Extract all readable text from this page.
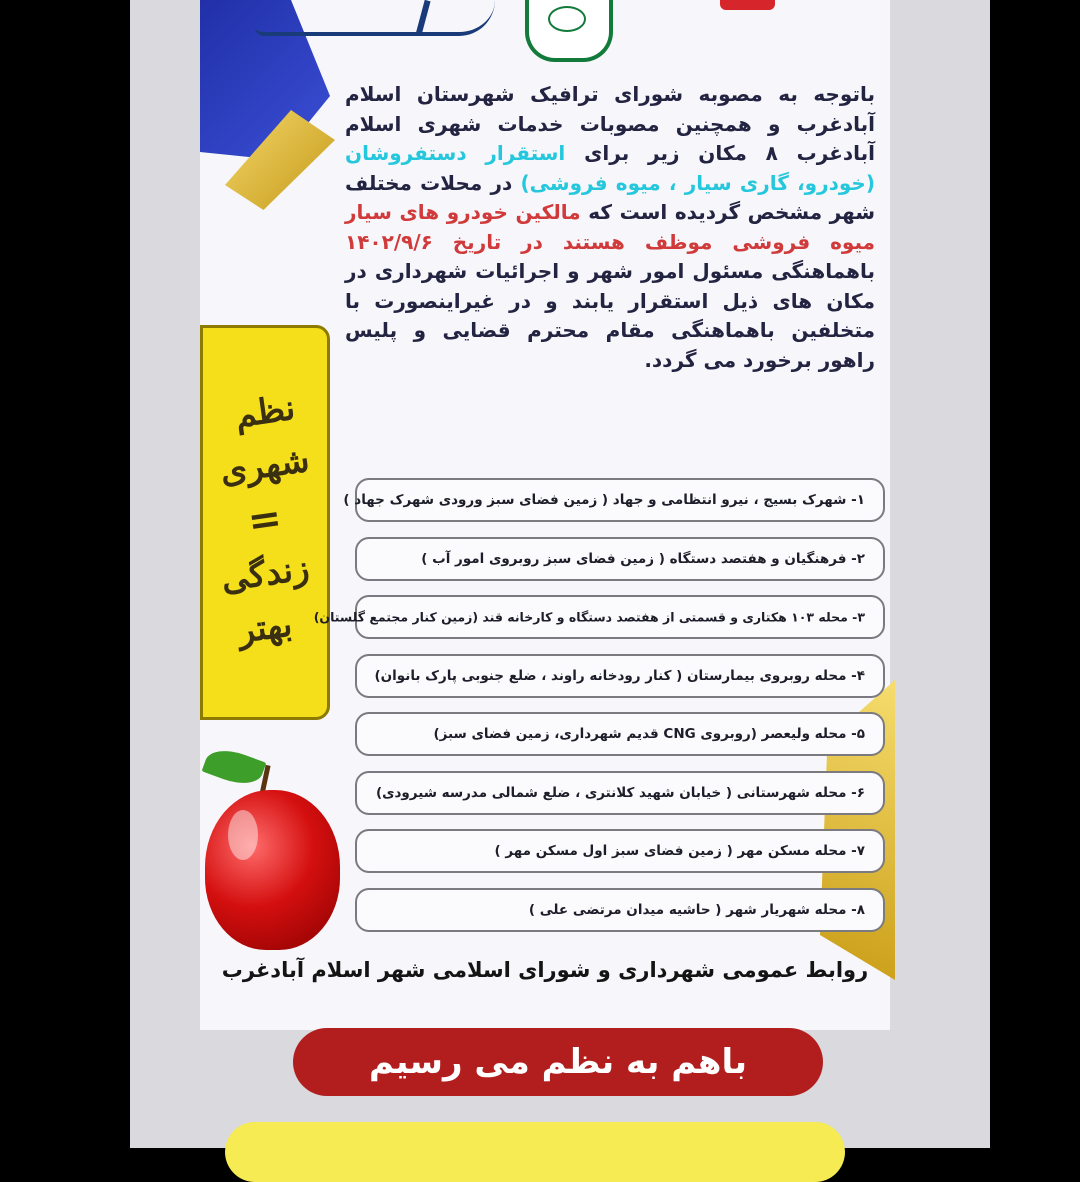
باتوجه به مصوبه شورای ترافیک شهرستان اسلام آبادغرب و همچنین مصوبات خدمات شهری اسلام آبادغرب ۸ مکان زیر برای استقرار دستفروشان (خودرو، گاری سیار ، میوه فروشی) در محلات مختلف شهر مشخص گردیده است که مالکین خودرو های سیار میوه فروشی موظف هستند در تاریخ ۱۴۰۲/۹/۶ باهماهنگی مسئول امور شهر و اجرائیات شهرداری در مکان های ذیل استقرار یابند و در غیراینصورت با متخلفین باهماهنگی مقام محترم قضایی و پلیس راهور برخورد می گردد.

نظم
شهری
=
زندگی
بهتر
۱- شهرک بسیج ، نیرو انتظامی و جهاد ( زمین فضای سبز ورودی شهرک جهاد )
۲- فرهنگیان و هفتصد دستگاه ( زمین فضای سبز روبروی امور آب )
۳- محله ۱۰۳ هکتاری و قسمتی از هفتصد دستگاه و کارخانه قند (زمین کنار مجتمع گلستان)
۴- محله روبروی بیمارستان ( کنار رودخانه راوند ، ضلع جنوبی پارک بانوان)
۵- محله ولیعصر (روبروی CNG قدیم شهرداری، زمین فضای سبز)
۶- محله شهرستانی ( خیابان شهید کلانتری ، ضلع شمالی مدرسه شیرودی)
۷- محله مسکن مهر ( زمین فضای سبز اول مسکن مهر )
۸- محله شهریار شهر ( حاشیه میدان مرتضی علی )
روابط عمومی شهرداری و شورای اسلامی شهر اسلام آبادغرب
باهم به نظم می رسیم
